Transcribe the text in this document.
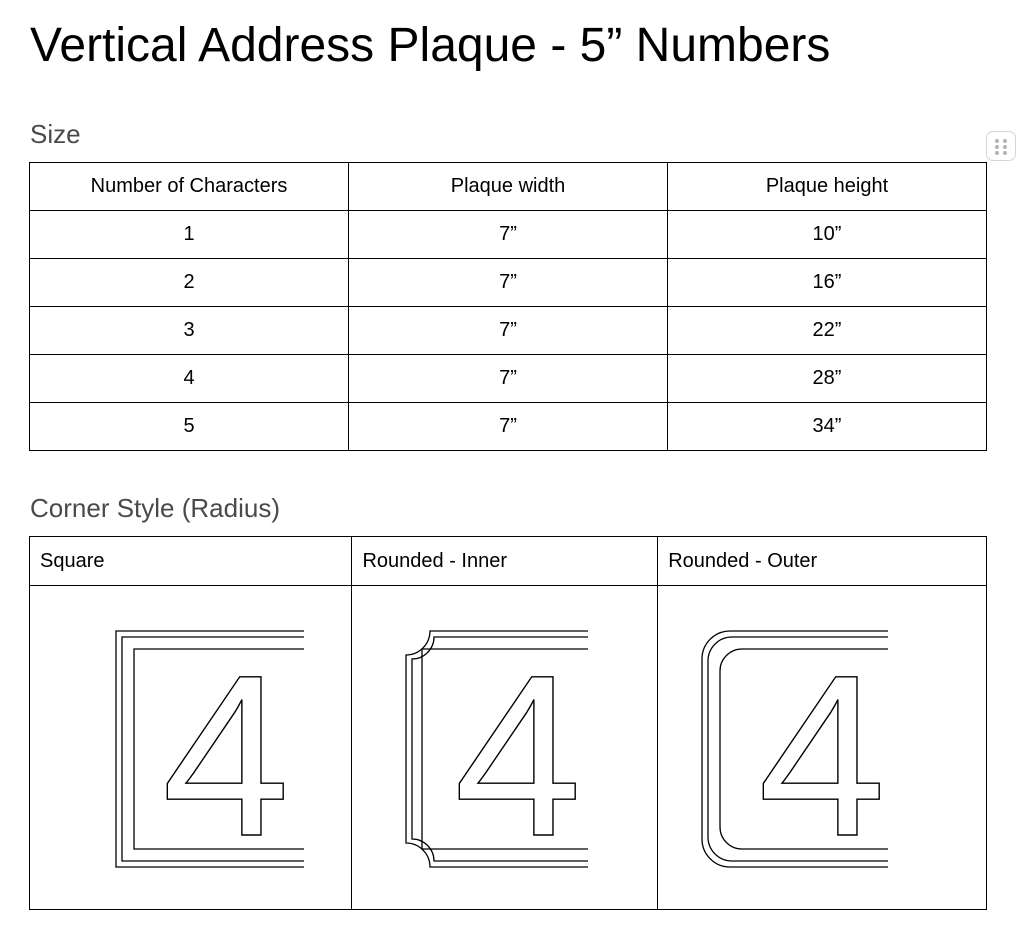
Vertical Address Plaque - 5” Numbers
Size
Number of Characters	Plaque width	Plaque height
1	7”	10”
2	7”	16”
3	7”	22”
4	7”	28”
5	7”	34”
Corner Style (Radius)
Square	Rounded - Inner	Rounded - Outer

4	4	4
